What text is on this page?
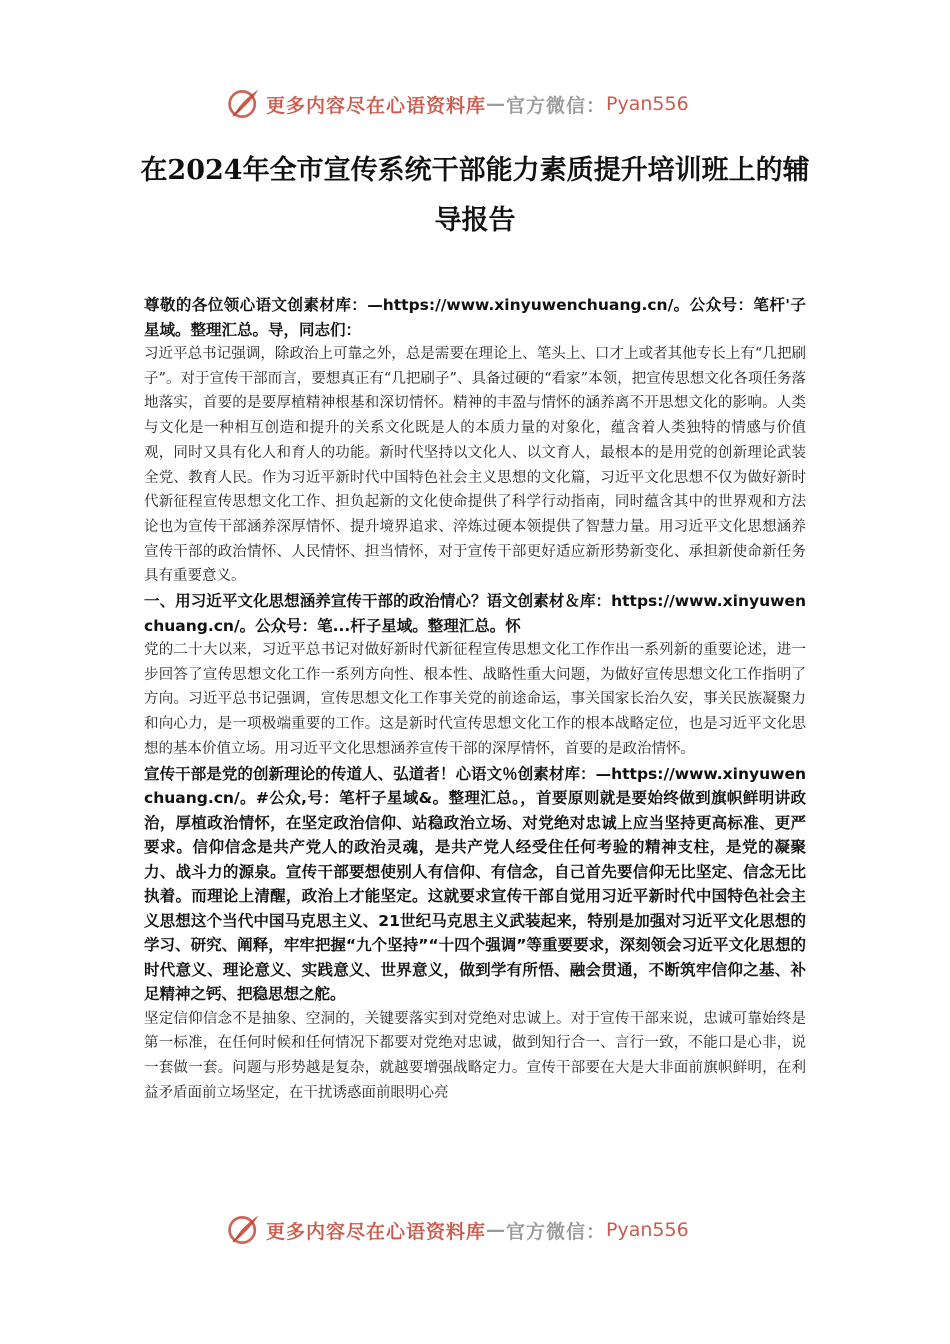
更多内容尽在心语资料库 — 官方微信： Pyan556
在2024年全市宣传系统干部能力素质提升培训班上的辅导报告

尊敬的各位领心语文创素材库：—https://www.xinyuwenchuang.cn/。公众号：笔杆'子星域。整理汇总。导，同志们：

习近平总书记强调，除政治上可靠之外，总是需要在理论上、笔头上、口才上或者其他专长上有“几把刷子”。对于宣传干部而言，要想真正有“几把刷子”、具备过硬的“看家”本领，把宣传思想文化各项任务落地落实，首要的是要厚植精神根基和深切情怀。精神的丰盈与情怀的涵养离不开思想文化的影响。人类与文化是一种相互创造和提升的关系文化既是人的本质力量的对象化，蕴含着人类独特的情感与价值观，同时又具有化人和育人的功能。新时代坚持以文化人、以文育人，最根本的是用党的创新理论武装全党、教育人民。作为习近平新时代中国特色社会主义思想的文化篇，习近平文化思想不仅为做好新时代新征程宣传思想文化工作、担负起新的文化使命提供了科学行动指南，同时蕴含其中的世界观和方法论也为宣传干部涵养深厚情怀、提升境界追求、淬炼过硬本领提供了智慧力量。用习近平文化思想涵养宣传干部的政治情怀、人民情怀、担当情怀，对于宣传干部更好适应新形势新变化、承担新使命新任务具有重要意义。

一、用习近平文化思想涵养宣传干部的政治情心？语文创素材＆库：https://www.xinyuwenchuang.cn/。公众号：笔...杆子星域。整理汇总。怀

党的二十大以来，习近平总书记对做好新时代新征程宣传思想文化工作作出一系列新的重要论述，进一步回答了宣传思想文化工作一系列方向性、根本性、战略性重大问题，为做好宣传思想文化工作指明了方向。习近平总书记强调，宣传思想文化工作事关党的前途命运，事关国家长治久安，事关民族凝聚力和向心力，是一项极端重要的工作。这是新时代宣传思想文化工作的根本战略定位，也是习近平文化思想的基本价值立场。用习近平文化思想涵养宣传干部的深厚情怀，首要的是政治情怀。

宣传干部是党的创新理论的传道人、弘道者！心语文％创素材库：—https://www.xinyuwenchuang.cn/。#公众,号：笔杆子星域&。整理汇总。，首要原则就是要始终做到旗帜鲜明讲政治，厚植政治情怀，在坚定政治信仰、站稳政治立场、对党绝对忠诚上应当坚持更高标准、更严要求。信仰信念是共产党人的政治灵魂，是共产党人经受住任何考验的精神支柱，是党的凝聚力、战斗力的源泉。宣传干部要想使别人有信仰、有信念，自己首先要信仰无比坚定、信念无比执着。而理论上清醒，政治上才能坚定。这就要求宣传干部自觉用习近平新时代中国特色社会主义思想这个当代中国马克思主义、21世纪马克思主义武装起来，特别是加强对习近平文化思想的学习、研究、阐释，牢牢把握“九个坚持”“十四个强调”等重要要求，深刻领会习近平文化思想的时代意义、理论意义、实践意义、世界意义，做到学有所悟、融会贯通，不断筑牢信仰之基、补足精神之钙、把稳思想之舵。

坚定信仰信念不是抽象、空洞的，关键要落实到对党绝对忠诚上。对于宣传干部来说，忠诚可靠始终是第一标准，在任何时候和任何情况下都要对党绝对忠诚，做到知行合一、言行一致，不能口是心非，说一套做一套。问题与形势越是复杂，就越要增强战略定力。宣传干部要在大是大非面前旗帜鲜明，在利益矛盾面前立场坚定，在干扰诱惑面前眼明心亮

更多内容尽在心语资料库 — 官方微信： Pyan556
